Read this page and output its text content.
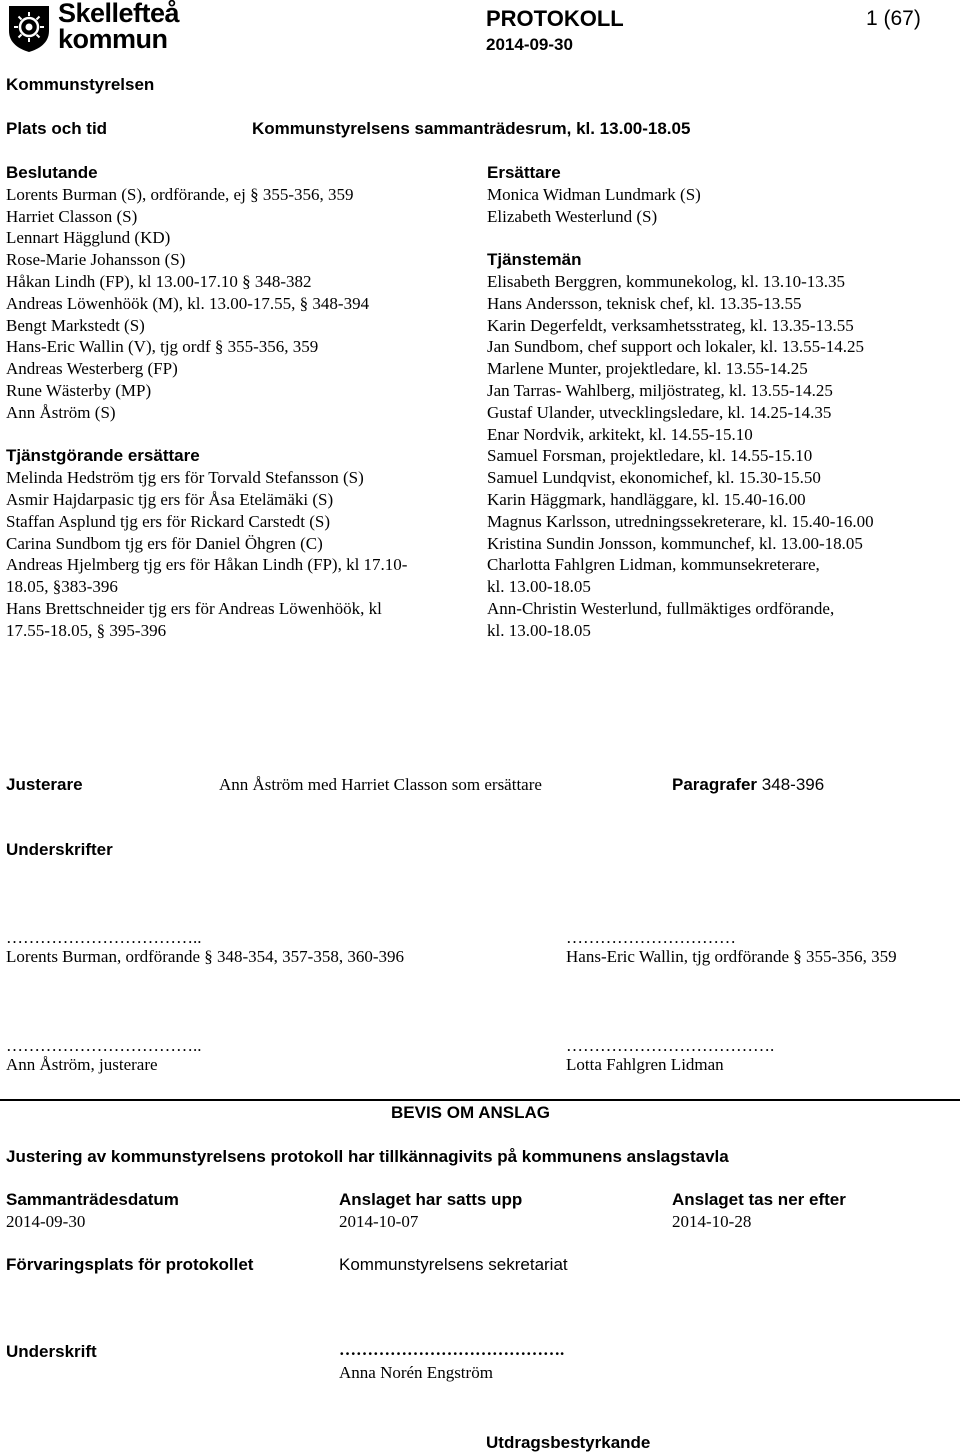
Skellefteå
kommun
PROTOKOLL
2014-09-30
1 (67)
Kommunstyrelsen
Plats och tid	Kommunstyrelsens sammanträdesrum, kl. 13.00-18.05
Beslutande
Lorents Burman (S), ordförande, ej § 355-356, 359
Harriet Classon (S)
Lennart Hägglund (KD)
Rose-Marie Johansson (S)
Håkan Lindh (FP), kl 13.00-17.10 § 348-382
Andreas Löwenhöök (M), kl. 13.00-17.55, § 348-394
Bengt Markstedt (S)
Hans-Eric Wallin (V), tjg ordf § 355-356, 359
Andreas Westerberg (FP)
Rune Wästerby (MP)
Ann Åström (S)
Tjänstgörande ersättare
Melinda Hedström tjg ers för Torvald Stefansson (S)
Asmir Hajdarpasic tjg ers för Åsa Etelämäki (S)
Staffan Asplund tjg ers för Rickard Carstedt (S)
Carina Sundbom tjg ers för Daniel Öhgren (C)
Andreas Hjelmberg tjg ers för Håkan Lindh (FP), kl 17.10-
18.05, §383-396
Hans Brettschneider tjg ers för Andreas Löwenhöök, kl
17.55-18.05, § 395-396
Ersättare
Monica Widman Lundmark (S)
Elizabeth Westerlund (S)
Tjänstemän
Elisabeth Berggren, kommunekolog, kl. 13.10-13.35
Hans Andersson, teknisk chef, kl. 13.35-13.55
Karin Degerfeldt, verksamhetsstrateg, kl. 13.35-13.55
Jan Sundbom, chef support och lokaler, kl. 13.55-14.25
Marlene Munter, projektledare, kl. 13.55-14.25
Jan Tarras- Wahlberg, miljöstrateg, kl. 13.55-14.25
Gustaf Ulander, utvecklingsledare, kl. 14.25-14.35
Enar Nordvik, arkitekt, kl. 14.55-15.10
Samuel Forsman, projektledare, kl. 14.55-15.10
Samuel Lundqvist, ekonomichef, kl. 15.30-15.50
Karin Häggmark, handläggare, kl. 15.40-16.00
Magnus Karlsson, utredningssekreterare, kl. 15.40-16.00
Kristina Sundin Jonsson, kommunchef, kl. 13.00-18.05
Charlotta Fahlgren Lidman, kommunsekreterare,
kl. 13.00-18.05
Ann-Christin Westerlund, fullmäktiges ordförande,
kl. 13.00-18.05
Justerare	Ann Åström med Harriet Classon som ersättare	Paragrafer 348-396
Underskrifter
……………………………..
Lorents Burman, ordförande § 348-354, 357-358, 360-396
…………………………
Hans-Eric Wallin, tjg ordförande § 355-356, 359
……………………………..
Ann Åström, justerare
……………………………….
Lotta Fahlgren Lidman
BEVIS OM ANSLAG
Justering av kommunstyrelsens protokoll har tillkännagivits på kommunens anslagstavla
Sammanträdesdatum
2014-09-30
Anslaget har satts upp
2014-10-07
Anslaget tas ner efter
2014-10-28
Förvaringsplats för protokollet	Kommunstyrelsens sekretariat
Underskrift	………………………………….
Anna Norén Engström
Utdragsbestyrkande
